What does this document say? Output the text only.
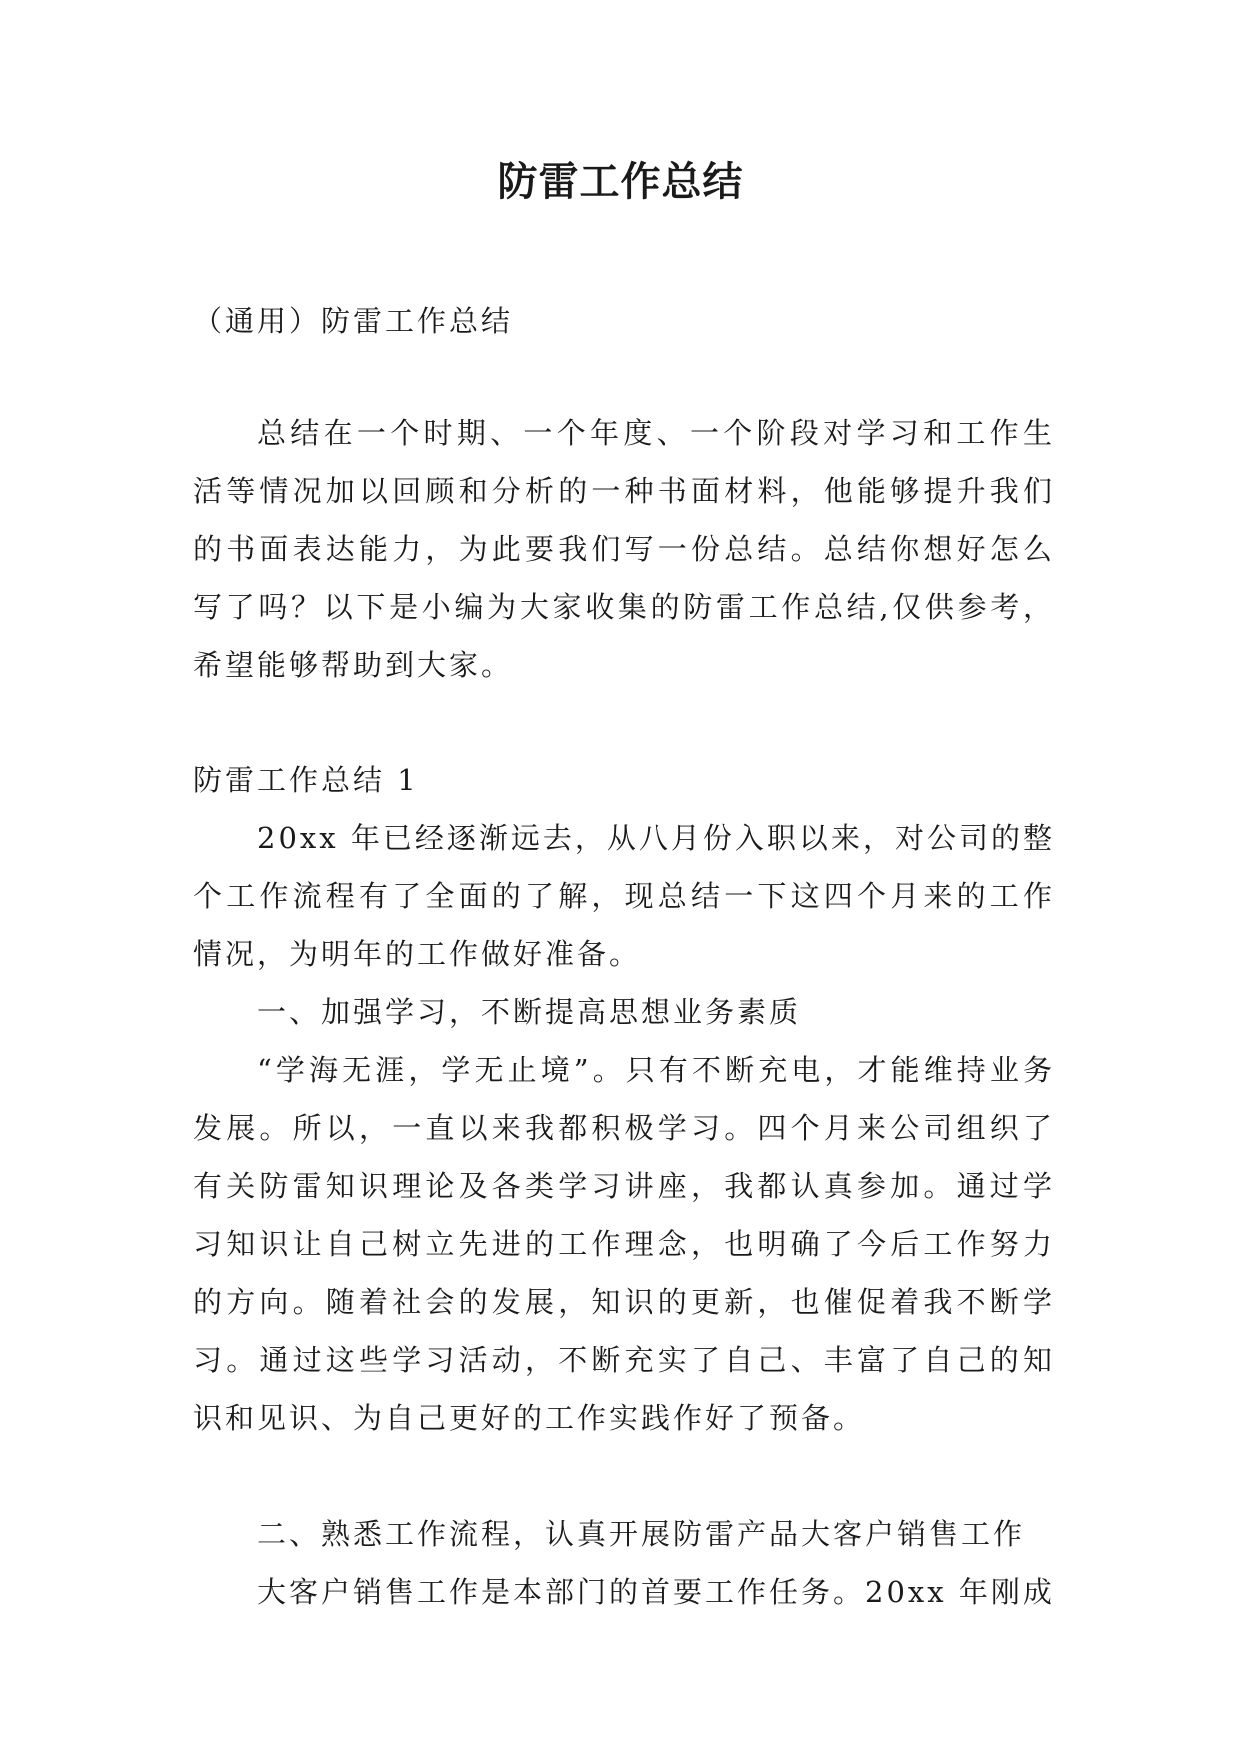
防雷工作总结

（通用）防雷工作总结

总结在一个时期、一个年度、一个阶段对学习和工作生活等情况加以回顾和分析的一种书面材料，他能够提升我们的书面表达能力，为此要我们写一份总结。总结你想好怎么写了吗？以下是小编为大家收集的防雷工作总结,仅供参考，希望能够帮助到大家。

防雷工作总结 1

20xx 年已经逐渐远去，从八月份入职以来，对公司的整个工作流程有了全面的了解，现总结一下这四个月来的工作情况，为明年的工作做好准备。

一、加强学习，不断提高思想业务素质

“学海无涯，学无止境”。只有不断充电，才能维持业务发展。所以，一直以来我都积极学习。四个月来公司组织了有关防雷知识理论及各类学习讲座，我都认真参加。通过学习知识让自己树立先进的工作理念，也明确了今后工作努力的方向。随着社会的发展，知识的更新，也催促着我不断学习。通过这些学习活动，不断充实了自己、丰富了自己的知识和见识、为自己更好的工作实践作好了预备。

二、熟悉工作流程，认真开展防雷产品大客户销售工作

大客户销售工作是本部门的首要工作任务。20xx 年刚成
